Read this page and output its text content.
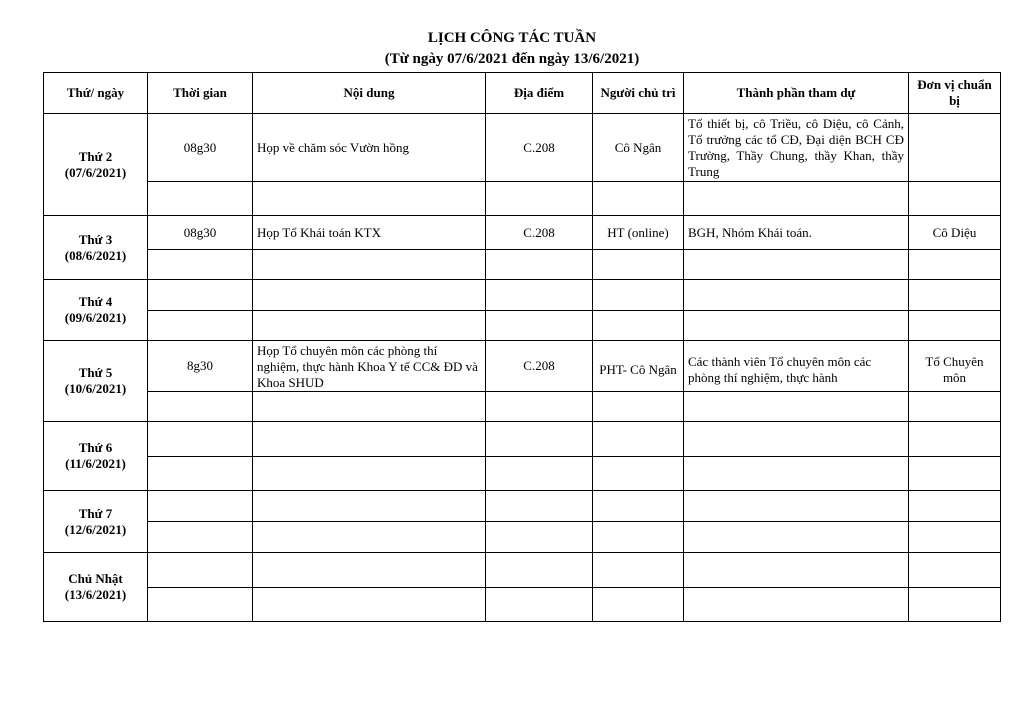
LỊCH CÔNG TÁC TUẦN
(Từ ngày 07/6/2021 đến ngày 13/6/2021)
Thứ/ ngày	Thời gian	Nội dung	Địa điểm	Người chủ trì	Thành phần tham dự	Đơn vị chuẩn bị

Thứ 2
(07/6/2021)	08g30	Họp về chăm sóc Vườn hồng	C.208	Cô Ngân	Tổ thiết bị, cô Triều, cô Diệu, cô Cảnh, Tổ trưởng các tổ CĐ, Đại diện BCH CĐ Trường, Thầy Chung, thầy Khan, thầy Trung	

Thứ 3
(08/6/2021)	08g30	Họp Tổ Khái toán KTX	C.208	HT (online)	BGH, Nhóm Khái toán.	Cô Diệu

Thứ 4
(09/6/2021)						

Thứ 5
(10/6/2021)	8g30	Họp Tổ chuyên môn các phòng thí nghiệm, thực hành Khoa Y tế CC& ĐD và Khoa SHUD	C.208	PHT- Cô Ngân	Các thành viên Tổ chuyên môn các phòng thí nghiệm, thực hành	Tổ Chuyên môn

Thứ 6
(11/6/2021)						

Thứ 7
(12/6/2021)						

Chủ Nhật
(13/6/2021)						
